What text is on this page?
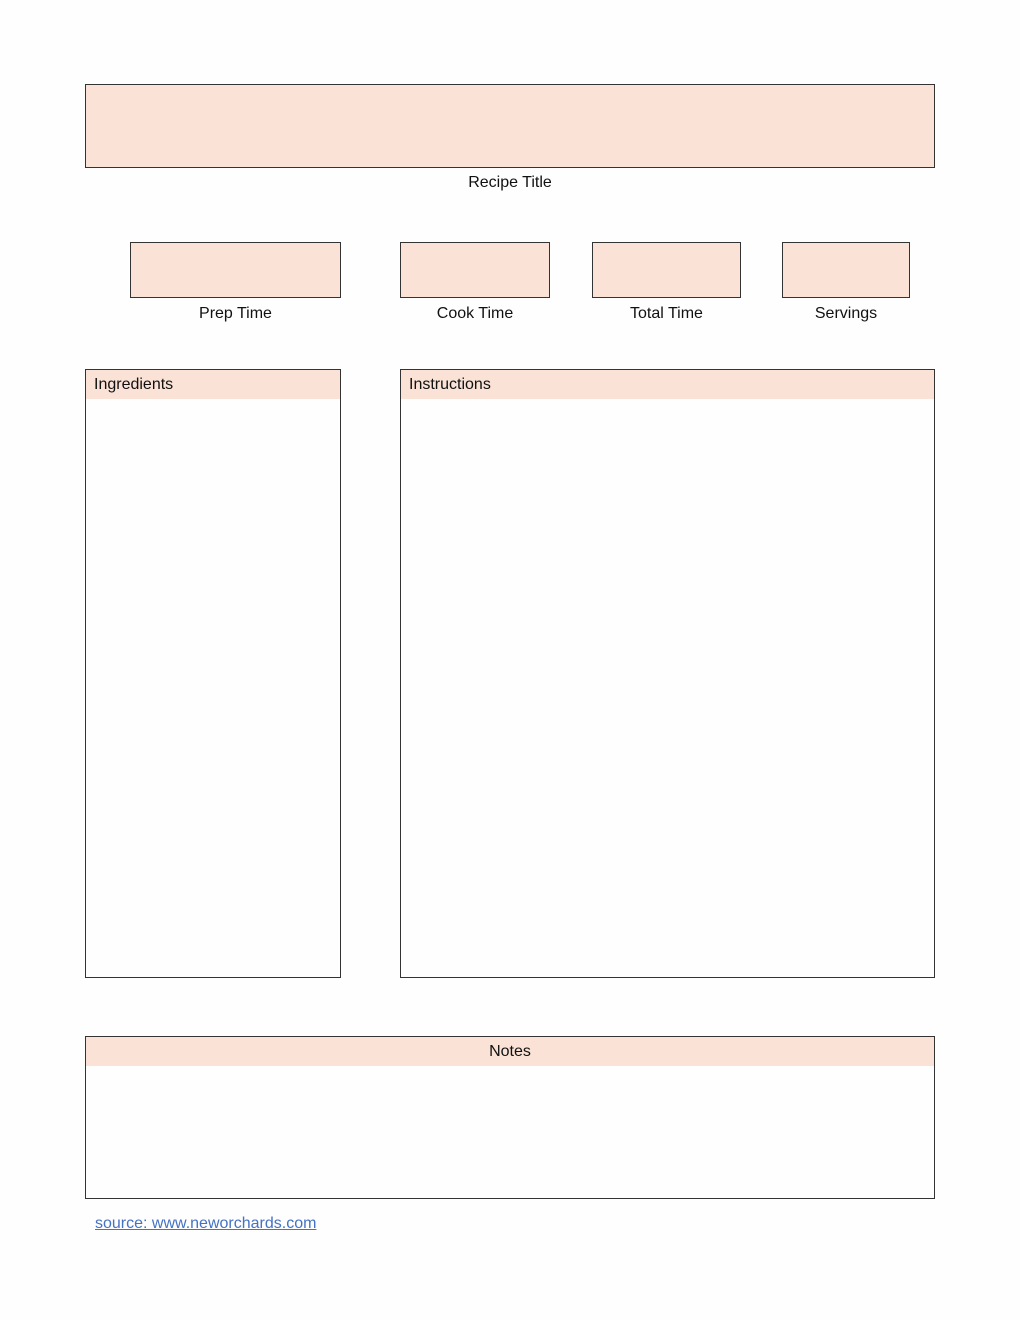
Recipe Title
Prep Time	Cook Time	Total Time	Servings
Ingredients	Instructions
Notes
source: www.neworchards.com
